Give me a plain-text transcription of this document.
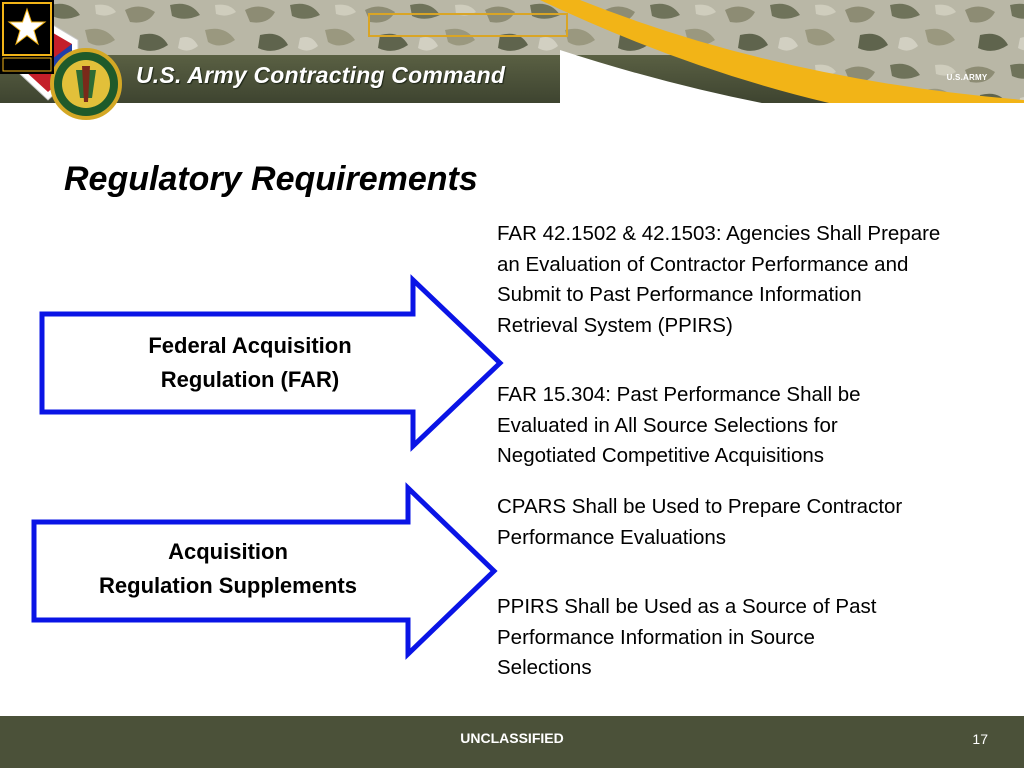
U.S. Army Contracting Command	U.S.ARMY
Regulatory Requirements
Federal Acquisition
Regulation (FAR)
Acquisition
Regulation Supplements
FAR 42.1502 & 42.1503: Agencies Shall Prepare
an Evaluation of Contractor Performance and
Submit to Past Performance Information
Retrieval System (PPIRS)
FAR 15.304: Past Performance Shall be
Evaluated in All Source Selections for
Negotiated Competitive Acquisitions
CPARS Shall be Used to Prepare Contractor
Performance Evaluations
PPIRS Shall be Used as a Source of Past
Performance Information in Source
Selections
UNCLASSIFIED	17
